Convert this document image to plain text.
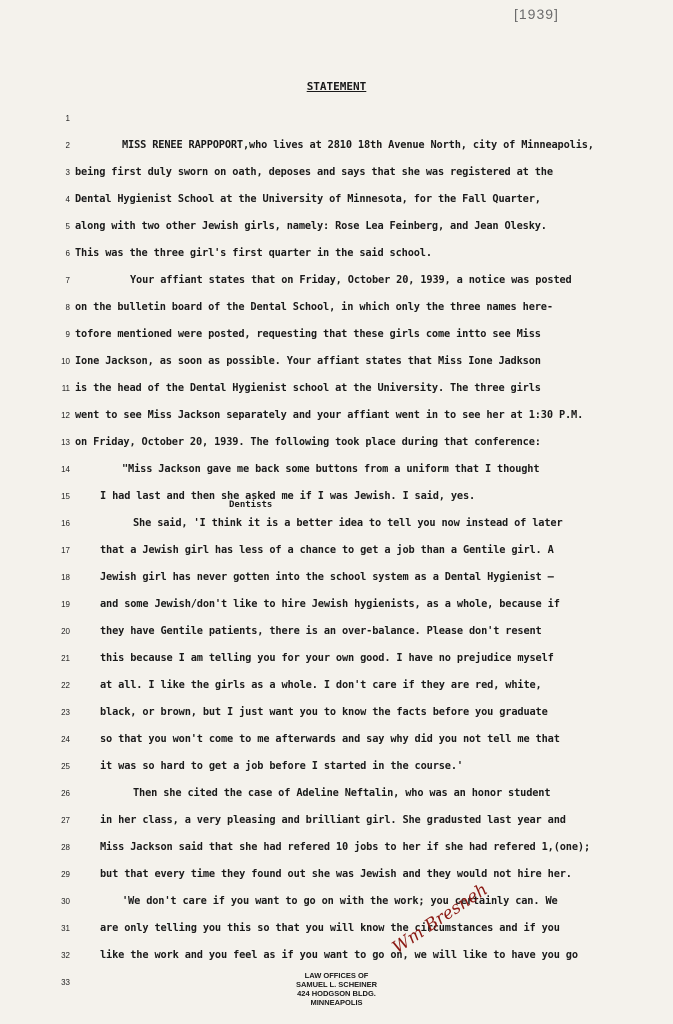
[1939]
STATEMENT
1
2
3
4
5
6
7
8
9
10
11
12
13
14
15
16
17
18
19
20
21
22
23
24
25
26
27
28
29
30
31
32
33
MISS RENEE RAPPOPORT,who lives at 2810 18th Avenue North, city of Minneapolis,
being first duly sworn on oath, deposes and says that she was registered at the
Dental Hygienist School at the University of Minnesota, for the Fall Quarter,
along with two other Jewish girls, namely: Rose Lea Feinberg, and Jean Olesky.
This was the three girl's first quarter in the said school.
Your affiant states that on Friday, October 20, 1939, a notice was posted
on the bulletin board of the Dental School, in which only the three names here-
tofore mentioned were posted, requesting that these girls come intto see Miss
Ione Jackson, as soon as possible. Your affiant states that Miss Ione Jadkson
is the head of the Dental Hygienist school at the University. The three girls
went to see Miss Jackson separately and your affiant went in to see her at 1:30 P.M.
on Friday, October 20, 1939. The following took place during that conference:
"Miss Jackson gave me back some buttons from a uniform that I thought
I had last and then she asked me if I was Jewish. I said, yes.
She said, 'I think it is a better idea to tell you now instead of later
that a Jewish girl has less of a chance to get a job than a Gentile girl. A
Jewish girl has never gotten into the school system as a Dental Hygienist —
and some Jewish/don't like to hire Jewish hygienists, as a whole, because if
they have Gentile patients, there is an over-balance. Please don't resent
this because I am telling you for your own good. I have no prejudice myself
at all. I like the girls as a whole. I don't care if they are red, white,
black, or brown, but I just want you to know the facts before you graduate
so that you won't come to me afterwards and say why did you not tell me that
it was so hard to get a job before I started in the course.'
Then she cited the case of Adeline Neftalin, who was an honor student
in her class, a very pleasing and brilliant girl. She gradusted last year and
Miss Jackson said that she had refered 10 jobs to her if she had refered 1,(one);
but that every time they found out she was Jewish and they would not hire her.
'We don't care if you want to go on with the work; you certainly can. We
are only telling you this so that you will know the circumstances and if you
like the work and you feel as if you want to go on, we will like to have you go
Dentists
Wm Bresneh
LAW OFFICES OF
SAMUEL L. SCHEINER
424 HODGSON BLDG.
MINNEAPOLIS
